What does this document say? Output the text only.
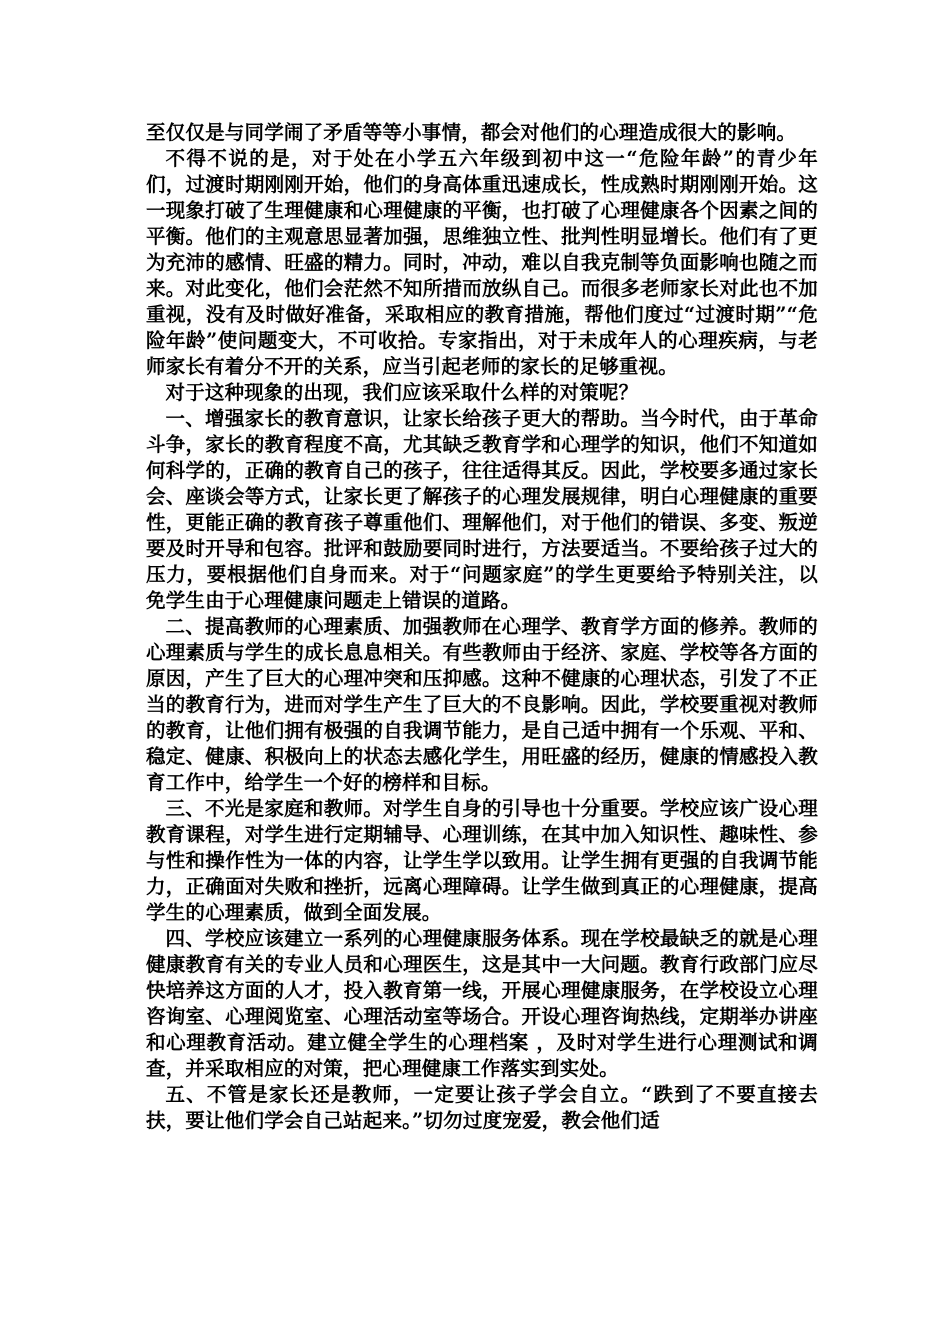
至仅仅是与同学闹了矛盾等等小事情，都会对他们的心理造成很大的影响。

不得不说的是，对于处在小学五六年级到初中这一“危险年龄”的青少年们，过渡时期刚刚开始，他们的身高体重迅速成长，性成熟时期刚刚开始。这一现象打破了生理健康和心理健康的平衡，也打破了心理健康各个因素之间的平衡。他们的主观意思显著加强，思维独立性、批判性明显增长。他们有了更为充沛的感情、旺盛的精力。同时，冲动，难以自我克制等负面影响也随之而来。对此变化，他们会茫然不知所措而放纵自己。而很多老师家长对此也不加重视，没有及时做好准备，采取相应的教育措施，帮他们度过“过渡时期”“危险年龄”使问题变大，不可收拾。专家指出，对于未成年人的心理疾病，与老师家长有着分不开的关系，应当引起老师的家长的足够重视。

对于这种现象的出现，我们应该采取什么样的对策呢？

一、增强家长的教育意识，让家长给孩子更大的帮助。当今时代，由于革命斗争，家长的教育程度不高，尤其缺乏教育学和心理学的知识，他们不知道如何科学的，正确的教育自己的孩子，往往适得其反。因此，学校要多通过家长会、座谈会等方式，让家长更了解孩子的心理发展规律，明白心理健康的重要性，更能正确的教育孩子尊重他们、理解他们，对于他们的错误、多变、叛逆要及时开导和包容。批评和鼓励要同时进行，方法要适当。不要给孩子过大的压力，要根据他们自身而来。对于“问题家庭”的学生更要给予特别关注，以免学生由于心理健康问题走上错误的道路。

二、提高教师的心理素质、加强教师在心理学、教育学方面的修养。教师的心理素质与学生的成长息息相关。有些教师由于经济、家庭、学校等各方面的原因，产生了巨大的心理冲突和压抑感。这种不健康的心理状态，引发了不正当的教育行为，进而对学生产生了巨大的不良影响。因此，学校要重视对教师的教育，让他们拥有极强的自我调节能力，是自己适中拥有一个乐观、平和、稳定、健康、积极向上的状态去感化学生，用旺盛的经历，健康的情感投入教育工作中，给学生一个好的榜样和目标。

三、不光是家庭和教师。对学生自身的引导也十分重要。学校应该广设心理教育课程，对学生进行定期辅导、心理训练，在其中加入知识性、趣味性、参与性和操作性为一体的内容，让学生学以致用。让学生拥有更强的自我调节能力，正确面对失败和挫折，远离心理障碍。让学生做到真正的心理健康，提高学生的心理素质，做到全面发展。

四、学校应该建立一系列的心理健康服务体系。现在学校最缺乏的就是心理健康教育有关的专业人员和心理医生，这是其中一大问题。教育行政部门应尽快培养这方面的人才，投入教育第一线，开展心理健康服务，在学校设立心理咨询室、心理阅览室、心理活动室等场合。开设心理咨询热线，定期举办讲座和心理教育活动。建立健全学生的心理档案 ，及时对学生进行心理测试和调查，并采取相应的对策，把心理健康工作落实到实处。

五、不管是家长还是教师，一定要让孩子学会自立。“跌到了不要直接去扶，要让他们学会自己站起来。”切勿过度宠爱，教会他们适
